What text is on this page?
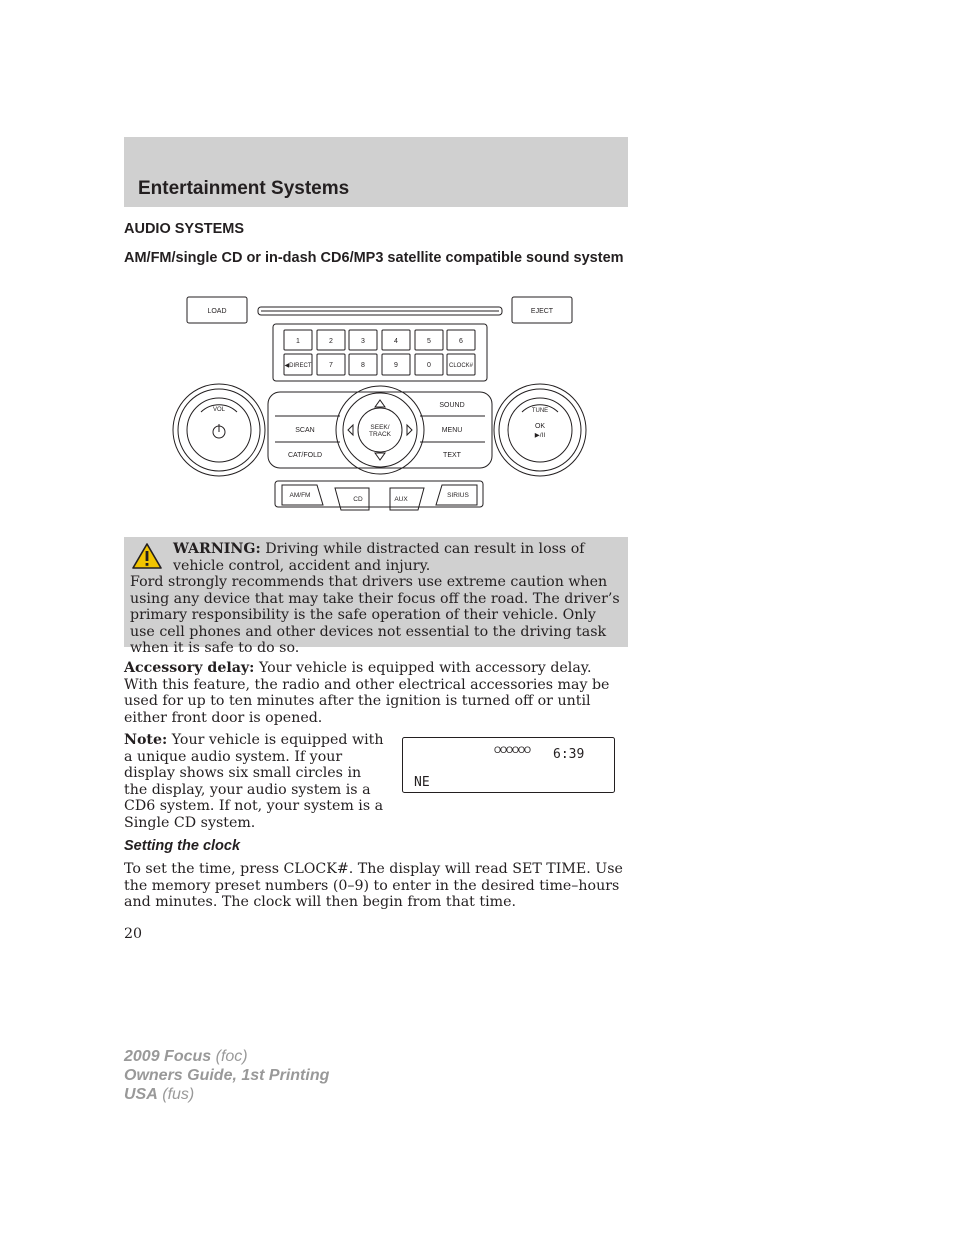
Entertainment Systems
AUDIO SYSTEMS
AM/FM/single CD or in-dash CD6/MP3 satellite compatible sound system
LOAD	EJECT
1	2	3	4	5	6
◀DIRECT	7	8	9	0	CLOCK#
VOL
SCAN
CAT/FOLD
SEEK/
TRACK
SOUND
MENU
TEXT
TUNE
OK
▶/II
AM/FM
CD	AUX
SIRIUS

WARNING: Driving while distracted can result in loss of vehicle control, accident and injury.
Ford strongly recommends that drivers use extreme caution when using any device that may take their focus off the road. The driver’s primary responsibility is the safe operation of their vehicle. Only use cell phones and other devices not essential to the driving task when it is safe to do so.

Accessory delay: Your vehicle is equipped with accessory delay. With this feature, the radio and other electrical accessories may be used for up to ten minutes after the ignition is turned off or until either front door is opened.

Note: Your vehicle is equipped with a unique audio system. If your display shows six small circles in the display, your audio system is a CD6 system. If not, your system is a Single CD system.

OOOOOO 6:39
NE
Setting the clock

To set the time, press CLOCK#. The display will read SET TIME. Use the memory preset numbers (0–9) to enter in the desired time–hours and minutes. The clock will then begin from that time.

20
2009 Focus (foc)
Owners Guide, 1st Printing
USA (fus)
